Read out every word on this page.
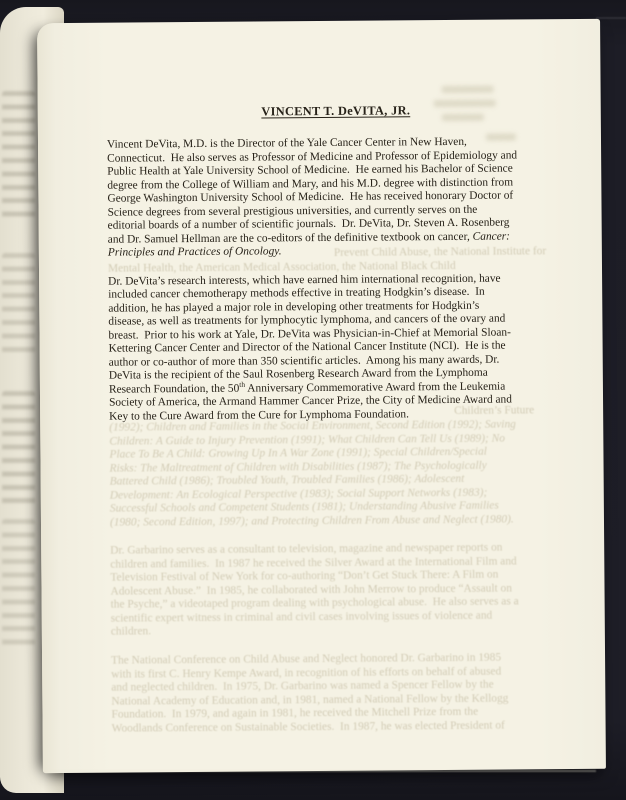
VINCENT T. DeVITA, JR.
Vincent DeVita, M.D. is the Director of the Yale Cancer Center in New Haven,
Connecticut.  He also serves as Professor of Medicine and Professor of Epidemiology and
Public Health at Yale University School of Medicine.  He earned his Bachelor of Science
degree from the College of William and Mary, and his M.D. degree with distinction from
George Washington University School of Medicine.  He has received honorary Doctor of
Science degrees from several prestigious universities, and currently serves on the
editorial boards of a number of scientific journals.  Dr. DeVita, Dr. Steven A. Rosenberg
and Dr. Samuel Hellman are the co-editors of the definitive textbook on cancer, Cancer:
Principles and Practices of Oncology.
Dr. DeVita’s research interests, which have earned him international recognition, have
included cancer chemotherapy methods effective in treating Hodgkin’s disease.  In
addition, he has played a major role in developing other treatments for Hodgkin’s
disease, as well as treatments for lymphocytic lymphoma, and cancers of the ovary and
breast.  Prior to his work at Yale, Dr. DeVita was Physician-in-Chief at Memorial Sloan-
Kettering Cancer Center and Director of the National Cancer Institute (NCI).  He is the
author or co-author of more than 350 scientific articles.  Among his many awards, Dr.
DeVita is the recipient of the Saul Rosenberg Research Award from the Lymphoma
Research Foundation, the 50th Anniversary Commemorative Award from the Leukemia
Society of America, the Armand Hammer Cancer Prize, the City of Medicine Award and
Key to the Cure Award from the Cure for Lymphoma Foundation.
Prevent Child Abuse, the National Institute for
Mental Health, the American Medical Association, the National Black Child
Children’s Future
(1992); Children and Families in the Social Environment, Second Edition (1992); Saving
Children: A Guide to Injury Prevention (1991); What Children Can Tell Us (1989); No
Place To Be A Child: Growing Up In A War Zone (1991); Special Children/Special
Risks: The Maltreatment of Children with Disabilities (1987); The Psychologically
Battered Child (1986); Troubled Youth, Troubled Families (1986); Adolescent
Development: An Ecological Perspective (1983); Social Support Networks (1983);
Successful Schools and Competent Students (1981); Understanding Abusive Families
(1980; Second Edition, 1997); and Protecting Children From Abuse and Neglect (1980).
Dr. Garbarino serves as a consultant to television, magazine and newspaper reports on
children and families.  In 1987 he received the Silver Award at the International Film and
Television Festival of New York for co-authoring “Don’t Get Stuck There: A Film on
Adolescent Abuse.”  In 1985, he collaborated with John Merrow to produce “Assault on
the Psyche,” a videotaped program dealing with psychological abuse.  He also serves as a
scientific expert witness in criminal and civil cases involving issues of violence and
children.
The National Conference on Child Abuse and Neglect honored Dr. Garbarino in 1985
with its first C. Henry Kempe Award, in recognition of his efforts on behalf of abused
and neglected children.  In 1975, Dr. Garbarino was named a Spencer Fellow by the
National Academy of Education and, in 1981, named a National Fellow by the Kellogg
Foundation.  In 1979, and again in 1981, he received the Mitchell Prize from the
Woodlands Conference on Sustainable Societies.  In 1987, he was elected President of
